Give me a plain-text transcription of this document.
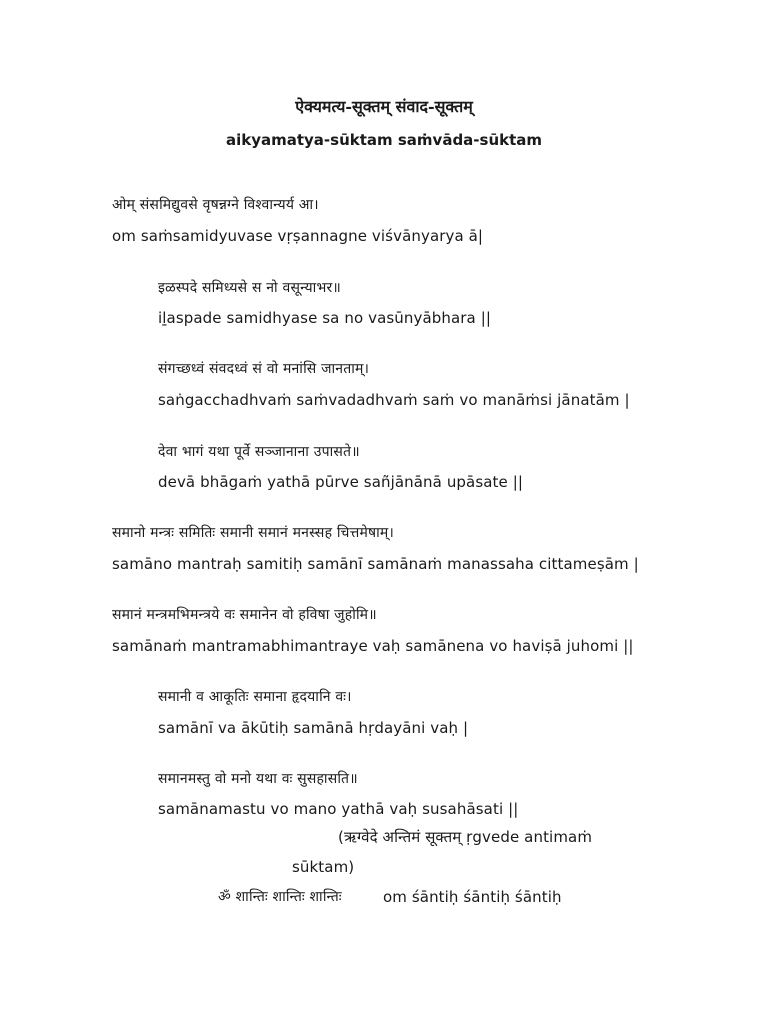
ऐक्यमत्य-सूक्तम् संवाद-सूक्तम्
aikyamatya-sūktam saṁvāda-sūktam
ओम् संसमिद्युवसे वृषन्नग्ने विश्वान्यर्य आ।
om saṁsamidyuvase vṛṣannagne viśvānyarya ā|
इळस्पदे समिध्यसे स नो वसून्याभर॥
iḻaspade samidhyase sa no vasūnyābhara ||
संगच्छध्वं संवदध्वं सं वो मनांसि जानताम्।
saṅgacchadhvaṁ saṁvadadhvaṁ saṁ vo manāṁsi jānatām |
देवा भागं यथा पूर्वे सञ्जानाना उपासते॥
devā bhāgaṁ yathā pūrve sañjānānā upāsate ||
समानो मन्त्रः समितिः समानी समानं मनस्सह चित्तमेषाम्।
samāno mantraḥ samitiḥ samānī samānaṁ manassaha cittameṣām |
समानं मन्त्रमभिमन्त्रये वः समानेन वो हविषा जुहोमि॥
samānaṁ mantramabhimantraye vaḥ samānena vo haviṣā juhomi ||
समानी व आकूतिः समाना हृदयानि वः।
samānī va ākūtiḥ samānā hṛdayāni vaḥ |
समानमस्तु वो मनो यथा वः सुसहासति॥
samānamastu vo mano yathā vaḥ susahāsati ||
(ऋग्वेदे अन्तिमं सूक्तम् ṛgvede antimaṁ
sūktam)
ॐ शान्तिः शान्तिः शान्तिः	om śāntiḥ śāntiḥ śāntiḥ
